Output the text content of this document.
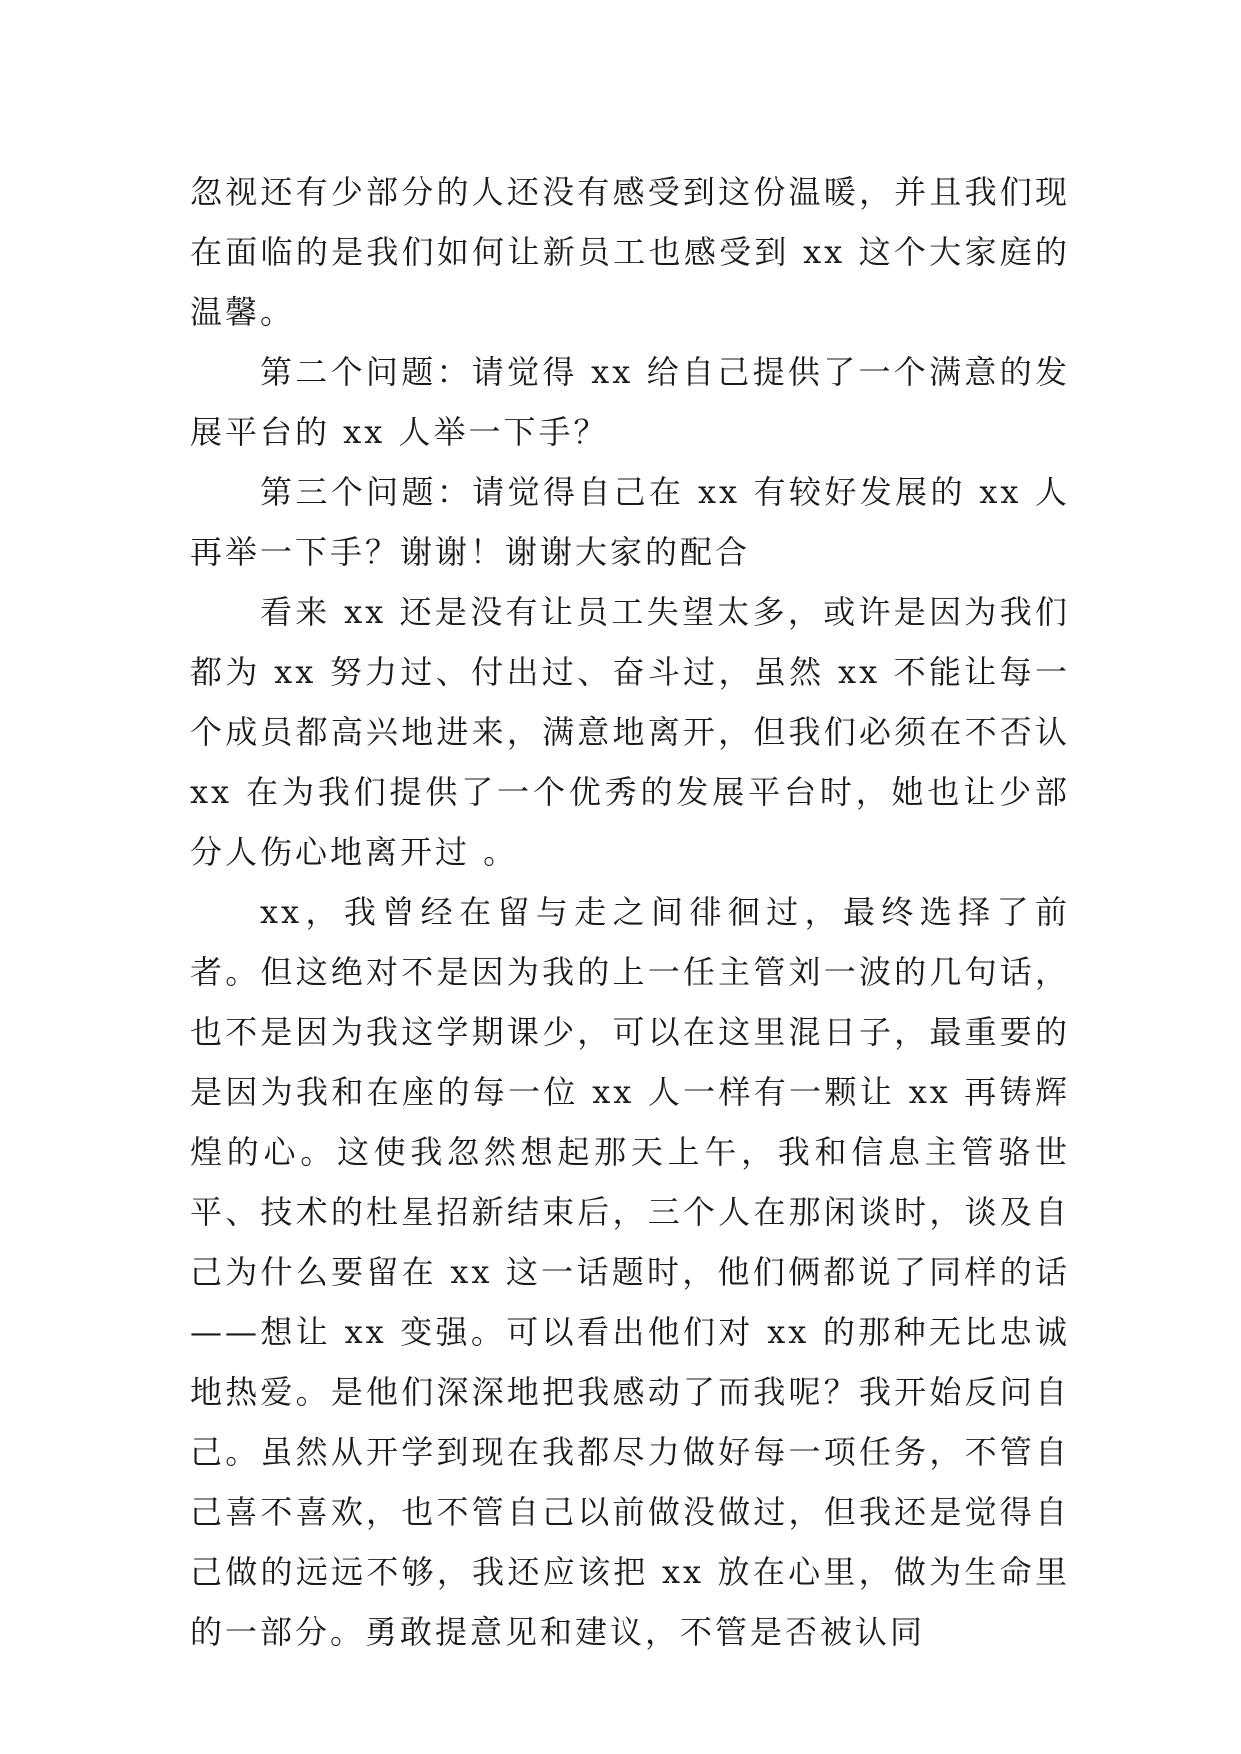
忽视还有少部分的人还没有感受到这份温暖，并且我们现在面临的是我们如何让新员工也感受到 xx 这个大家庭的温馨。

第二个问题：请觉得 xx 给自己提供了一个满意的发展平台的 xx 人举一下手？

第三个问题：请觉得自己在 xx 有较好发展的 xx 人再举一下手？谢谢！谢谢大家的配合

看来 xx 还是没有让员工失望太多，或许是因为我们都为 xx 努力过、付出过、奋斗过，虽然 xx 不能让每一个成员都高兴地进来，满意地离开，但我们必须在不否认 xx 在为我们提供了一个优秀的发展平台时，她也让少部分人伤心地离开过 。

xx，我曾经在留与走之间徘徊过，最终选择了前者。但这绝对不是因为我的上一任主管刘一波的几句话，也不是因为我这学期课少，可以在这里混日子，最重要的是因为我和在座的每一位 xx 人一样有一颗让 xx 再铸辉煌的心。这使我忽然想起那天上午，我和信息主管骆世平、技术的杜星招新结束后，三个人在那闲谈时，谈及自己为什么要留在 xx 这一话题时，他们俩都说了同样的话——想让 xx 变强。可以看出他们对 xx 的那种无比忠诚地热爱。是他们深深地把我感动了而我呢？我开始反问自己。虽然从开学到现在我都尽力做好每一项任务，不管自己喜不喜欢，也不管自己以前做没做过，但我还是觉得自己做的远远不够，我还应该把 xx 放在心里，做为生命里的一部分。勇敢提意见和建议，不管是否被认同
